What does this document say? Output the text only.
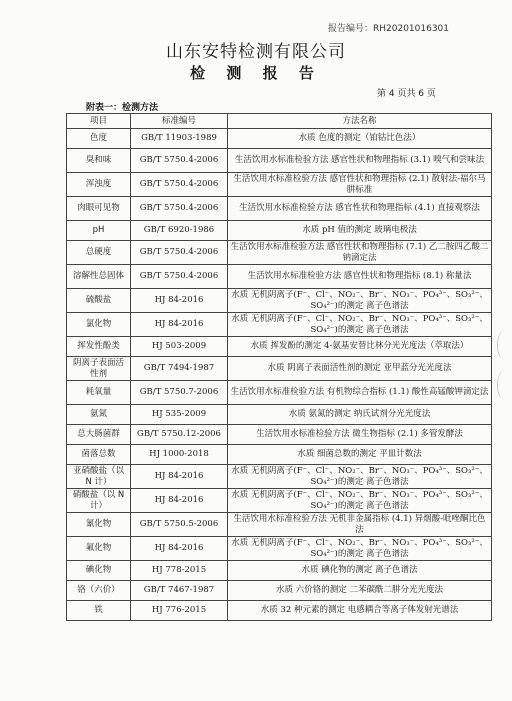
报告编号：RH20201016301
山东安特检测有限公司
检 测 报 告
第 4 页共 6 页
附表一：检测方法
项目	标准编号	方法名称
色度	GB/T 11903-1989	水质 色度的测定（铂钴比色法）
臭和味	GB/T 5750.4-2006	生活饮用水标准检验方法 感官性状和物理指标 (3.1) 嗅气和尝味法
浑浊度	GB/T 5750.4-2006	生活饮用水标准检验方法 感官性状和物理指标 (2.1) 散射法-福尔马肼标准
肉眼可见物	GB/T 5750.4-2006	生活饮用水标准检验方法 感官性状和物理指标 (4.1) 直接观察法
pH	GB/T 6920-1986	水质 pH 值的测定 玻璃电极法
总硬度	GB/T 5750.4-2006	生活饮用水标准检验方法 感官性状和物理指标 (7.1) 乙二胺四乙酸二钠滴定法
溶解性总固体	GB/T 5750.4-2006	生活饮用水标准检验方法 感官性状和物理指标 (8.1) 称量法
硫酸盐	HJ 84-2016	水质 无机阴离子(F⁻、Cl⁻、NO₂⁻、Br⁻、NO₃⁻、PO₄³⁻、SO₃²⁻、SO₄²⁻)的测定 离子色谱法
氯化物	HJ 84-2016	水质 无机阴离子(F⁻、Cl⁻、NO₂⁻、Br⁻、NO₃⁻、PO₄³⁻、SO₃²⁻、SO₄²⁻)的测定 离子色谱法
挥发性酚类	HJ 503-2009	水质 挥发酚的测定 4-氨基安替比林分光光度法（萃取法）
阴离子表面活性剂	GB/T 7494-1987	水质 阴离子表面活性剂的测定 亚甲蓝分光光度法
耗氧量	GB/T 5750.7-2006	生活饮用水标准检验方法 有机物综合指标 (1.1) 酸性高锰酸钾滴定法
氨氮	HJ 535-2009	水质 氨氮的测定 纳氏试剂分光光度法
总大肠菌群	GB/T 5750.12-2006	生活饮用水标准检验方法 微生物指标 (2.1) 多管发酵法
菌落总数	HJ 1000-2018	水质 细菌总数的测定 平皿计数法
亚硝酸盐（以 N 计）	HJ 84-2016	水质 无机阴离子(F⁻、Cl⁻、NO₂⁻、Br⁻、NO₃⁻、PO₄³⁻、SO₃²⁻、SO₄²⁻)的测定 离子色谱法
硝酸盐（以 N 计）	HJ 84-2016	水质 无机阴离子(F⁻、Cl⁻、NO₂⁻、Br⁻、NO₃⁻、PO₄³⁻、SO₃²⁻、SO₄²⁻)的测定 离子色谱法
氰化物	GB/T 5750.5-2006	生活饮用水标准检验方法 无机非金属指标 (4.1) 异烟酸-吡唑酮比色法
氟化物	HJ 84-2016	水质 无机阴离子(F⁻、Cl⁻、NO₂⁻、Br⁻、NO₃⁻、PO₄³⁻、SO₃²⁻、SO₄²⁻)的测定 离子色谱法
碘化物	HJ 778-2015	水质 碘化物的测定 离子色谱法
铬（六价）	GB/T 7467-1987	水质 六价铬的测定 二苯碳酰二肼分光光度法
铁	HJ 776-2015	水质 32 种元素的测定 电感耦合等离子体发射光谱法
